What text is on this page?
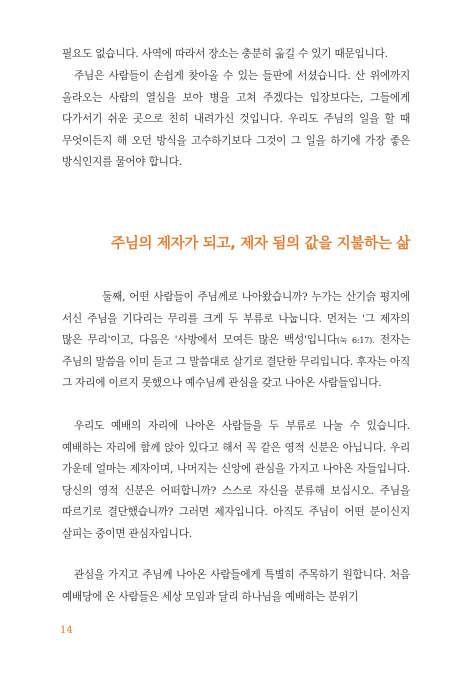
필요도 없습니다. 사역에 따라서 장소는 충분히 옮길 수 있기 때문입니다.

주님은 사람들이 손쉽게 찾아올 수 있는 들판에 서셨습니다. 산 위에까지 올라오는 사람의 열심을 보아 병을 고쳐 주겠다는 입장보다는, 그들에게 다가서기 쉬운 곳으로 친히 내려가신 것입니다. 우리도 주님의 일을 할 때 무엇이든지 해 오던 방식을 고수하기보다 그것이 그 일을 하기에 가장 좋은 방식인지를 물어야 합니다.

주님의 제자가 되고, 제자 됨의 값을 지불하는 삶

둘째, 어떤 사람들이 주님께로 나아왔습니까? 누가는 산기슭 평지에 서신 주님을 기다리는 무리를 크게 두 부류로 나눕니다. 먼저는 '그 제자의 많은 무리'이고, 다음은 '사방에서 모여든 많은 백성'입니다(눅 6:17). 전자는 주님의 말씀을 이미 듣고 그 말씀대로 살기로 결단한 무리입니다. 후자는 아직 그 자리에 이르지 못했으나 예수님께 관심을 갖고 나아온 사람들입니다.

우리도 예배의 자리에 나아온 사람들을 두 부류로 나눌 수 있습니다. 예배하는 자리에 함께 앉아 있다고 해서 꼭 같은 영적 신분은 아닙니다. 우리 가운데 얼마는 제자이며, 나머지는 신앙에 관심을 가지고 나아온 자들입니다. 당신의 영적 신분은 어떠합니까? 스스로 자신을 분류해 보십시오. 주님을 따르기로 결단했습니까? 그러면 제자입니다. 아직도 주님이 어떤 분이신지 살피는 중이면 관심자입니다.

관심을 가지고 주님께 나아온 사람들에게 특별히 주목하기 원합니다. 처음 예배당에 온 사람들은 세상 모임과 달리 하나님을 예배하는 분위기

14
